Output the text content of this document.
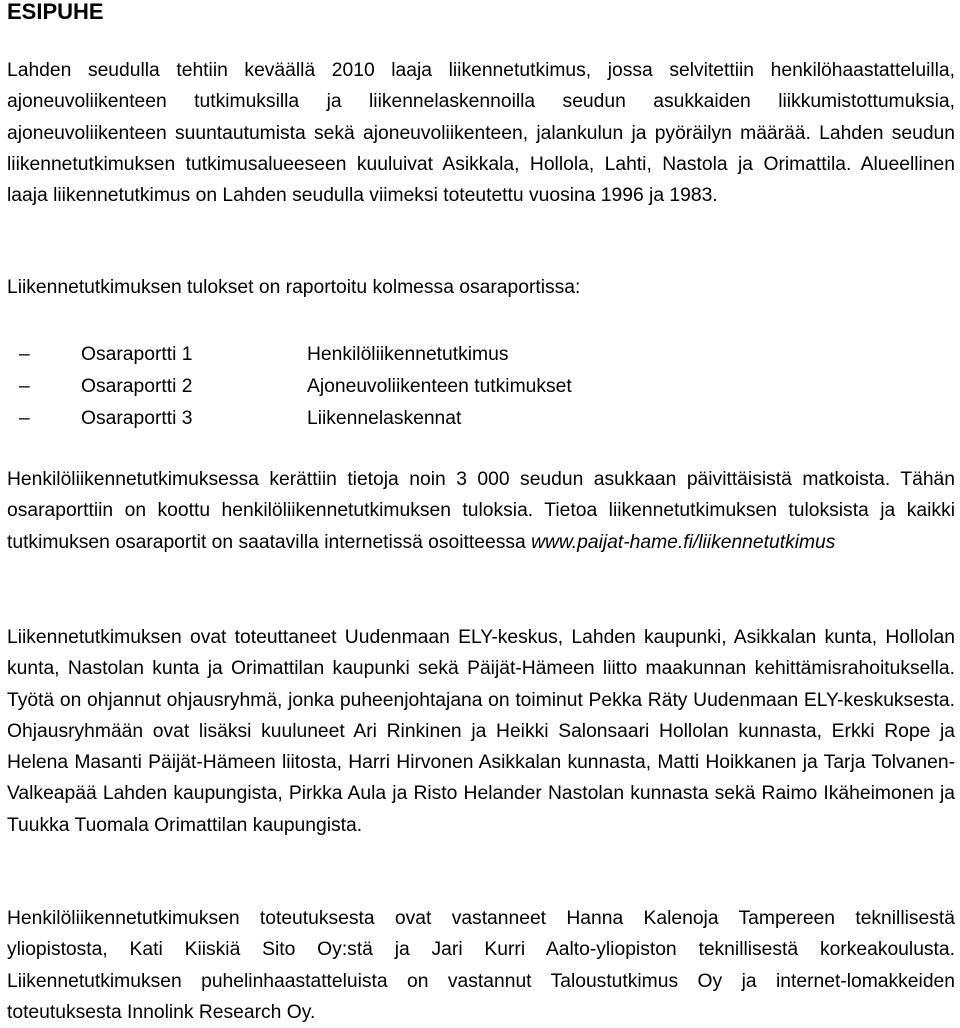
ESIPUHE

Lahden seudulla tehtiin keväällä 2010 laaja liikennetutkimus, jossa selvitettiin henkilöhaastatteluilla, ajoneuvoliikenteen tutkimuksilla ja liikennelaskennoilla seudun asukkaiden liikkumistottumuksia, ajoneuvoliikenteen suuntautumista sekä ajoneuvoliikenteen, jalankulun ja pyöräilyn määrää. Lahden seudun liikennetutkimuksen tutkimusalueeseen kuuluivat Asikkala, Hollola, Lahti, Nastola ja Orimattila. Alueellinen laaja liikennetutkimus on Lahden seudulla viimeksi toteutettu vuosina 1996 ja 1983.

Liikennetutkimuksen tulokset on raportoitu kolmessa osaraportissa:

–	Osaraportti 1	Henkilöliikennetutkimus
–	Osaraportti 2	Ajoneuvoliikenteen tutkimukset
–	Osaraportti 3	Liikennelaskennat

Henkilöliikennetutkimuksessa kerättiin tietoja noin 3 000 seudun asukkaan päivittäisistä matkoista. Tähän osaraporttiin on koottu henkilöliikennetutkimuksen tuloksia. Tietoa liikennetutkimuksen tuloksista ja kaikki tutkimuksen osaraportit on saatavilla internetissä osoitteessa www.paijat-hame.fi/liikennetutkimus

Liikennetutkimuksen ovat toteuttaneet Uudenmaan ELY-keskus, Lahden kaupunki, Asikkalan kunta, Hollolan kunta, Nastolan kunta ja Orimattilan kaupunki sekä Päijät-Hämeen liitto maakunnan kehittämisrahoituksella. Työtä on ohjannut ohjausryhmä, jonka puheenjohtajana on toiminut Pekka Räty Uudenmaan ELY-keskuksesta. Ohjausryhmään ovat lisäksi kuuluneet Ari Rinkinen ja Heikki Salonsaari Hollolan kunnasta, Erkki Rope ja Helena Masanti Päijät-Hämeen liitosta, Harri Hirvonen Asikkalan kunnasta, Matti Hoikkanen ja Tarja Tolvanen-Valkeapää Lahden kaupungista, Pirkka Aula ja Risto Helander Nastolan kunnasta sekä Raimo Ikäheimonen ja Tuukka Tuomala Orimattilan kaupungista.

Henkilöliikennetutkimuksen toteutuksesta ovat vastanneet Hanna Kalenoja Tampereen teknillisestä yliopistosta, Kati Kiiskiä Sito Oy:stä ja Jari Kurri Aalto-yliopiston teknillisestä korkeakoulusta. Liikennetutkimuksen puhelinhaastatteluista on vastannut Taloustutkimus Oy ja internet-lomakkeiden toteutuksesta Innolink Research Oy.
